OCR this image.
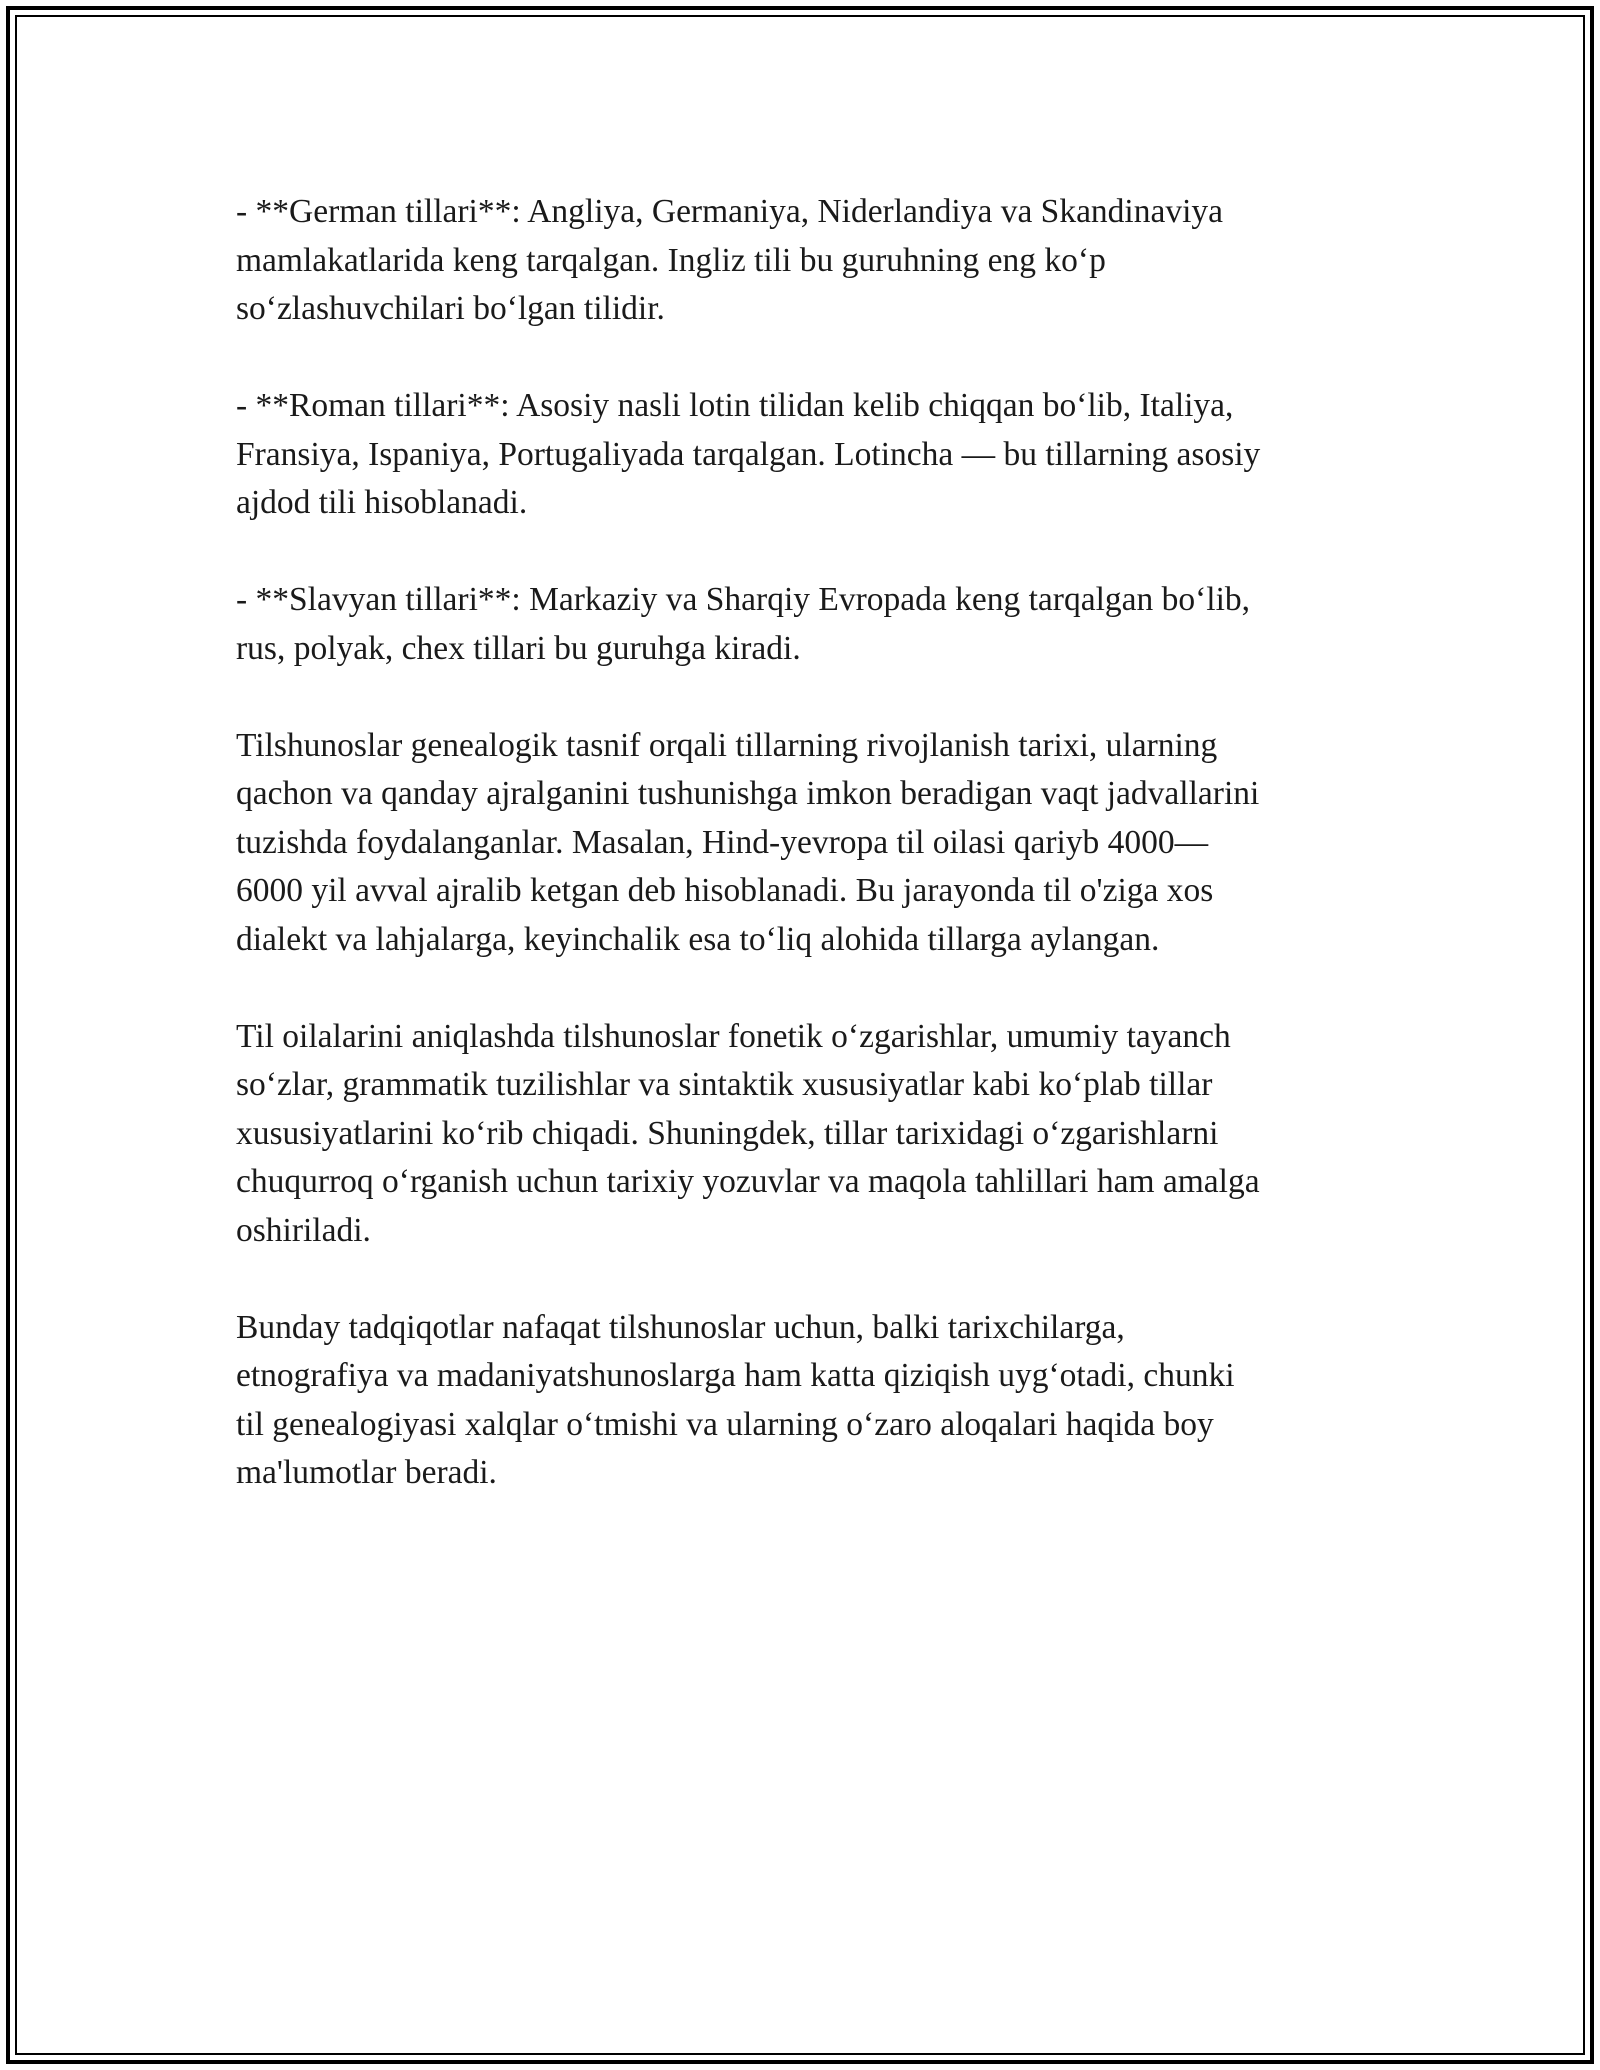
- **German tillari**: Angliya, Germaniya, Niderlandiya va Skandinaviya
mamlakatlarida keng tarqalgan. Ingliz tili bu guruhning eng ko‘p
so‘zlashuvchilari bo‘lgan tilidir.

- **Roman tillari**: Asosiy nasli lotin tilidan kelib chiqqan bo‘lib, Italiya,
Fransiya, Ispaniya, Portugaliyada tarqalgan. Lotincha — bu tillarning asosiy
ajdod tili hisoblanadi.

- **Slavyan tillari**: Markaziy va Sharqiy Evropada keng tarqalgan bo‘lib,
rus, polyak, chex tillari bu guruhga kiradi.

Tilshunoslar genealogik tasnif orqali tillarning rivojlanish tarixi, ularning
qachon va qanday ajralganini tushunishga imkon beradigan vaqt jadvallarini
tuzishda foydalanganlar. Masalan, Hind-yevropa til oilasi qariyb 4000—
6000 yil avval ajralib ketgan deb hisoblanadi. Bu jarayonda til o'ziga xos
dialekt va lahjalarga, keyinchalik esa to‘liq alohida tillarga aylangan.

Til oilalarini aniqlashda tilshunoslar fonetik o‘zgarishlar, umumiy tayanch
so‘zlar, grammatik tuzilishlar va sintaktik xususiyatlar kabi ko‘plab tillar
xususiyatlarini ko‘rib chiqadi. Shuningdek, tillar tarixidagi o‘zgarishlarni
chuqurroq o‘rganish uchun tarixiy yozuvlar va maqola tahlillari ham amalga
oshiriladi.

Bunday tadqiqotlar nafaqat tilshunoslar uchun, balki tarixchilarga,
etnografiya va madaniyatshunoslarga ham katta qiziqish uyg‘otadi, chunki
til genealogiyasi xalqlar o‘tmishi va ularning o‘zaro aloqalari haqida boy
ma'lumotlar beradi.
